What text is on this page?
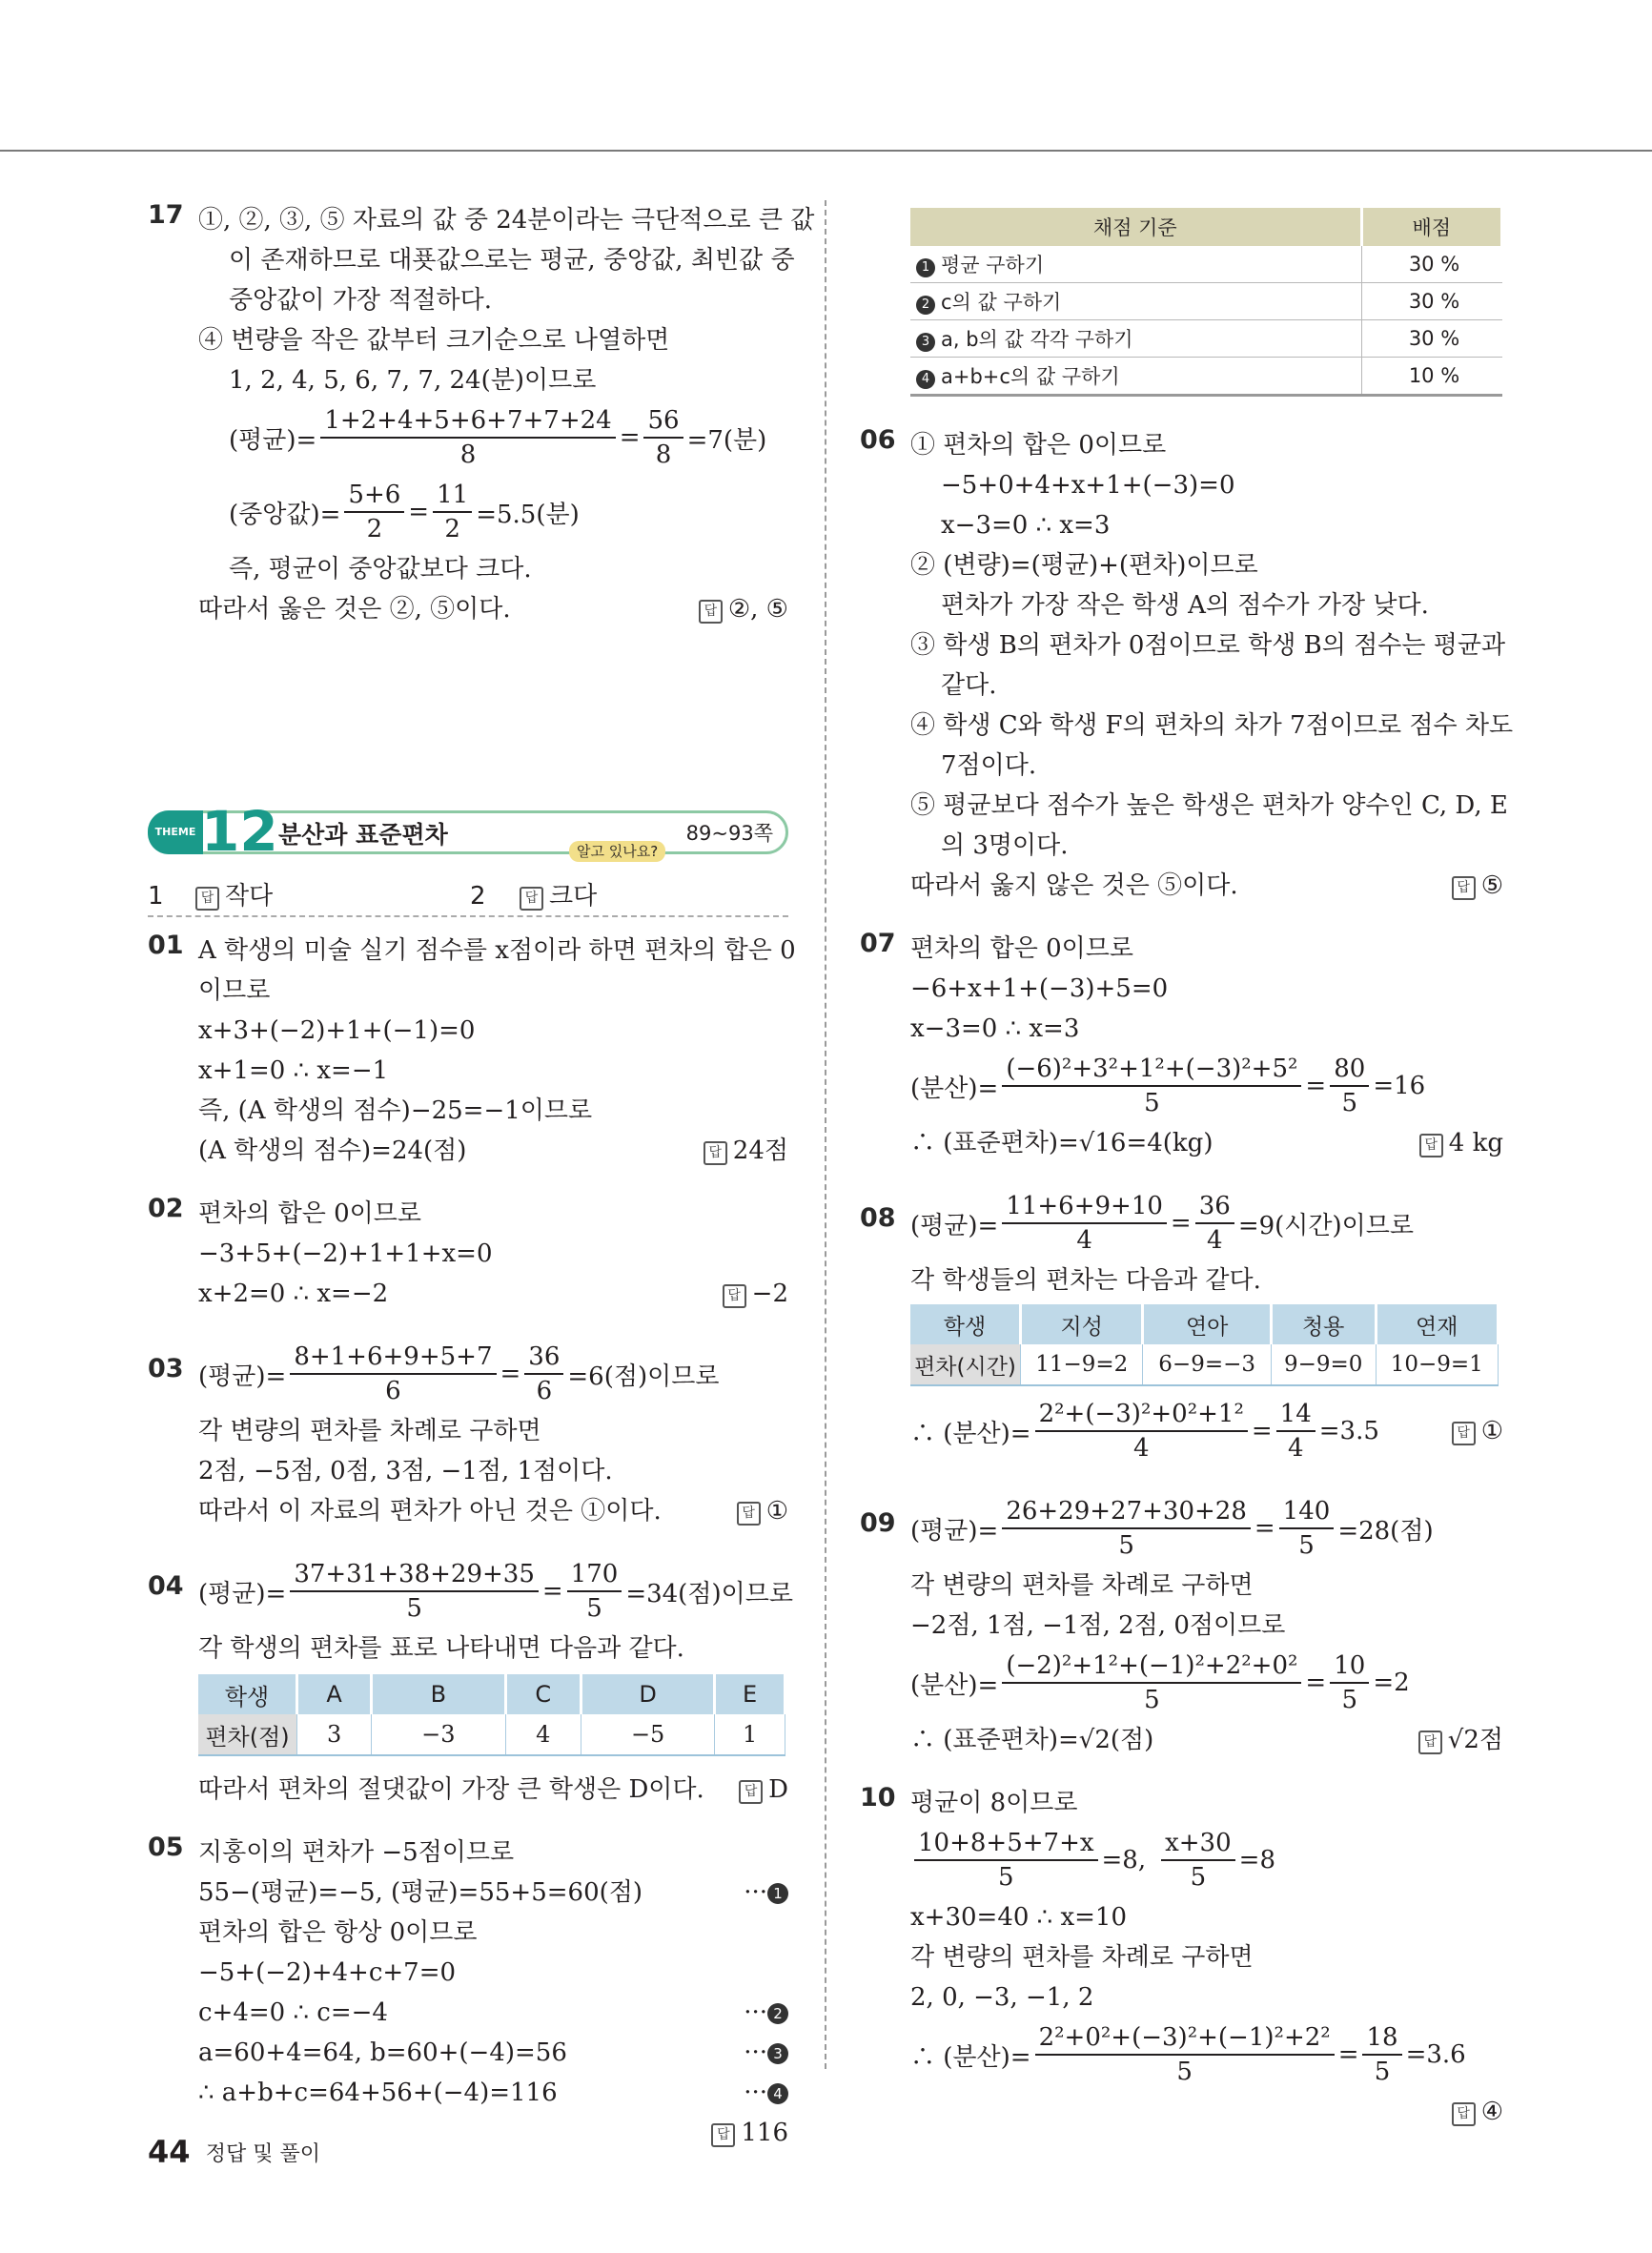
17 ①, ②, ③, ⑤ 자료의 값 중 24분이라는 극단적으로 큰 값
이 존재하므로 대푯값으로는 평균, 중앙값, 최빈값 중
중앙값이 가장 적절하다.
④ 변량을 작은 값부터 크기순으로 나열하면
1, 2, 4, 5, 6, 7, 7, 24(분)이므로
(평균)= $\frac{1+2+4+5+6+7+7+24}{8} = \frac{56}{8} =7$(분)
(중앙값)= $\frac{5+6}{2} = \frac{11}{2} =5.5$(분)
즉, 평균이 중앙값보다 크다.
따라서 옳은 것은 ②, ⑤이다.	답 ②, ⑤
THEME 12 분산과 표준편차	89~93쪽
알고 있나요?
1	답 작다	2	답 크다
01 A 학생의 미술 실기 점수를 x점이라 하면 편차의 합은 0
이므로
x+3+(−2)+1+(−1)=0
x+1=0 ∴ x=−1
즉, (A 학생의 점수)−25=−1이므로
(A 학생의 점수)=24(점)	답 24점
02 편차의 합은 0이므로
−3+5+(−2)+1+1+x=0
x+2=0 ∴ x=−2	답 −2
03 (평균)= $\frac{8+1+6+9+5+7}{6} = \frac{36}{6} =6$(점)이므로
각 변량의 편차를 차례로 구하면
2점, −5점, 0점, 3점, −1점, 1점이다.
따라서 이 자료의 편차가 아닌 것은 ①이다.	답 ①
04 (평균)= $\frac{37+31+38+29+35}{5} = \frac{170}{5} =34$(점)이므로
각 학생의 편차를 표로 나타내면 다음과 같다.
학생	A	B	C	D	E
편차(점)	3	−3	4	−5	1
따라서 편차의 절댓값이 가장 큰 학생은 D이다.	답 D
05 지홍이의 편차가 −5점이므로
55−(평균)=−5, (평균)=55+5=60(점)	··· 1
편차의 합은 항상 0이므로
−5+(−2)+4+c+7=0
c+4=0 ∴ c=−4	··· 2
a=60+4=64, b=60+(−4)=56	··· 3
∴ a+b+c=64+56+(−4)=116	··· 4
답 116
채점 기준	배점
1 평균 구하기	30 %
2 c의 값 구하기	30 %
3 a, b의 값 각각 구하기	30 %
4 a+b+c의 값 구하기	10 %
06 ① 편차의 합은 0이므로
−5+0+4+x+1+(−3)=0
x−3=0 ∴ x=3
② (변량)=(평균)+(편차)이므로
편차가 가장 작은 학생 A의 점수가 가장 낮다.
③ 학생 B의 편차가 0점이므로 학생 B의 점수는 평균과
같다.
④ 학생 C와 학생 F의 편차의 차가 7점이므로 점수 차도
7점이다.
⑤ 평균보다 점수가 높은 학생은 편차가 양수인 C, D, E
의 3명이다.
따라서 옳지 않은 것은 ⑤이다.	답 ⑤
07 편차의 합은 0이므로
−6+x+1+(−3)+5=0
x−3=0 ∴ x=3
(분산)= $\frac{\text{(−6)²+3²+1²+(−3)²+5²}}{5} = \frac{80}{5} =16$
∴ (표준편차)=√16=4(kg)	답 4 kg
08 (평균)= $\frac{11+6+9+10}{4} = \frac{36}{4} =9$(시간)이므로
각 학생들의 편차는 다음과 같다.
학생	지성	연아	청용	연재
편차(시간)	11−9=2	6−9=−3	9−9=0	10−9=1
∴ (분산)= $\frac{\text{2²+(−3)²+0²+1²}}{4} = \frac{14}{4} =3.5$	답 ①
09 (평균)= $\frac{26+29+27+30+28}{5} = \frac{140}{5} =28$(점)
각 변량의 편차를 차례로 구하면
−2점, 1점, −1점, 2점, 0점이므로
(분산)= $\frac{\text{(−2)²+1²+(−1)²+2²+0²}}{5} = \frac{10}{5} =2$
∴ (표준편차)=√2(점)	답 √2점
10 평균이 8이므로
$\frac{10+8+5+7+x}{5} =8$, $\frac{x+30}{5} =8$
x+30=40 ∴ x=10
각 변량의 편차를 차례로 구하면
2, 0, −3, −1, 2
∴ (분산)= $\frac{\text{2²+0²+(−3)²+(−1)²+2²}}{5} = \frac{18}{5} =3.6$
답 ④
44 정답 및 풀이
